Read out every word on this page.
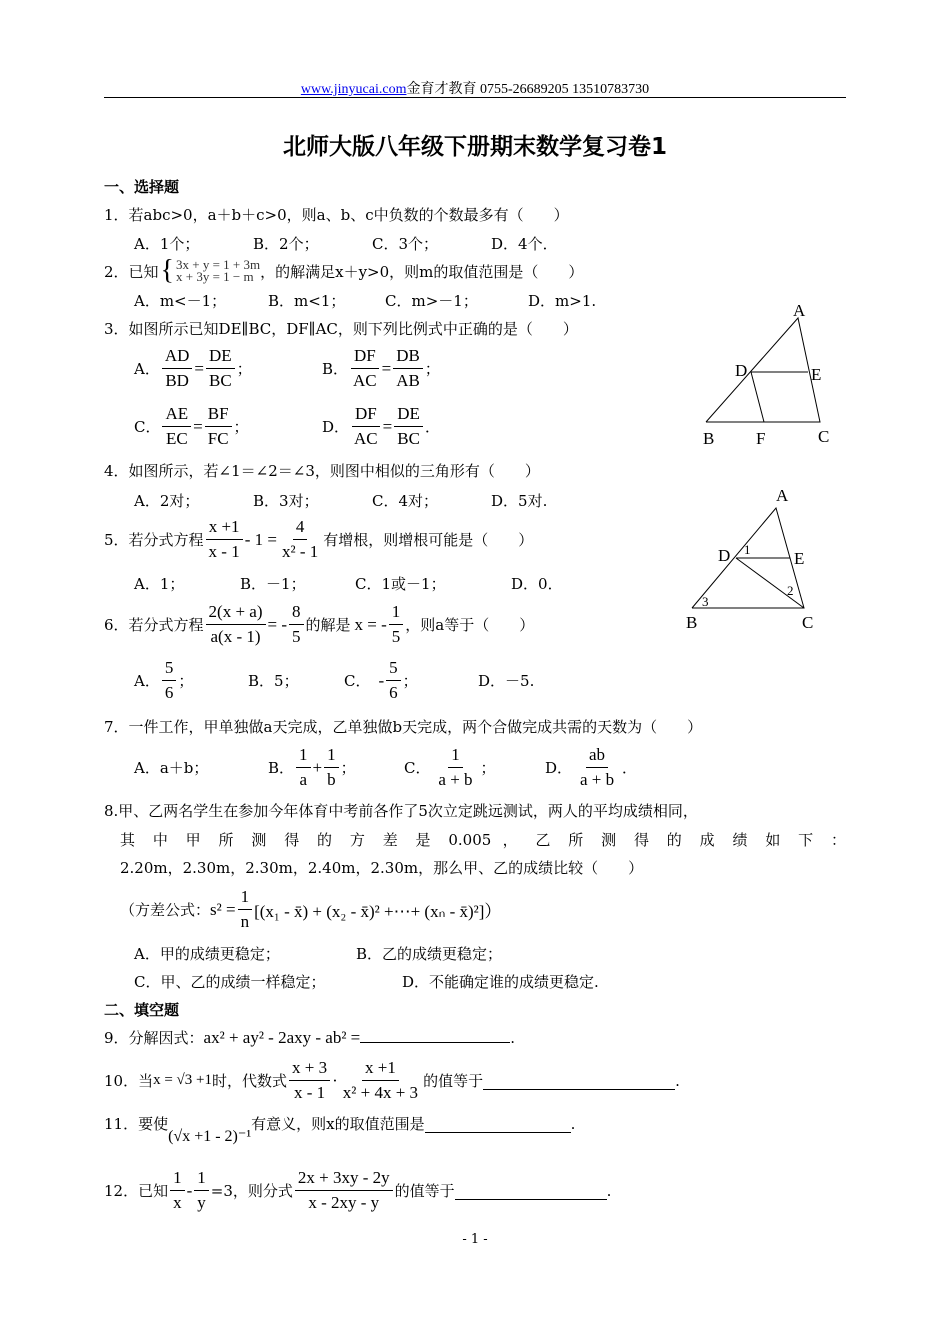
www.jinyucai.com金育才教育 0755-26689205 13510783730
北师大版八年级下册期末数学复习卷1
一、选择题
1．若abc>0，a＋b＋c>0，则a、b、c中负数的个数最多有（　　）
A．1个；	B．2个；	C．3个；	D．4个．
2．已知 { 3x + y = 1 + 3m
x + 3y = 1 − m ，的解满足x＋y>0，则m的取值范围是（　　）
A．m<－1；	B．m<1；	C．m>－1；	D．m>1.
3．如图所示已知DE∥BC，DF∥AC，则下列比例式中正确的是（　　）
A． $\frac{AD}{BD} = \frac{DE}{BC}$ ；	B． $\frac{DF}{AC} = \frac{DB}{AB}$ ；
C． $\frac{AE}{EC} = \frac{BF}{FC}$ ；	D． $\frac{DF}{AC} = \frac{DE}{BC}$ ．
A
D	E
B F	C
4．如图所示，若∠1＝∠2＝∠3，则图中相似的三角形有（　　）
A．2对；	B．3对；	C．4对；	D．5对.	A
D	E
B	C
1
2
3
5．若分式方程 $\frac{x +1}{x - 1} - 1 = \frac{4}{\text{x² - 1}}$ 有增根，则增根可能是（　　）
A．1；	B．－1；	C．1或－1；	D．0．
6．若分式方程 $\frac{2(x + a)}{a(x - 1)}$ = - $\frac{8}{5}$ 的解是 x = - $\frac{1}{5}$ ，则a等于（　　）
A． $\frac{5}{6}$ ；	B．5；	C． - $\frac{5}{6}$ ；	D．－5.
7．一件工作，甲单独做a天完成，乙单独做b天完成，两个合做完成共需的天数为（　　）
A．a＋b；	B． $\frac{1}{a} + \frac{1}{b}$ ；	C． $\frac{1}{a + b}$ ；	D． $\frac{ab}{a + b}$ ．
8.甲、乙两名学生在参加今年体育中考前各作了5次立定跳远测试，两人的平均成绩相同，
其 中 甲 所 测 得 的 方 差 是 0.005 ， 乙 所 测 得 的 成 绩 如 下 ：
2.20m，2.30m，2.30m，2.40m，2.30m，那么甲、乙的成绩比较（　　）
（方差公式： $s^2 = \frac{1}{n} [(x_1$ - x̄) + (x₂ - x̄)² +⋯+ (xₙ - x̄)²]）
A．甲的成绩更稳定；	B．乙的成绩更稳定；
C．甲、乙的成绩一样稳定；	D．不能确定谁的成绩更稳定.
二、填空题
9．分解因式： ax² + ay² - 2axy - ab² =	.
10．当 x = √3 +1 时，代数式 $\frac{x + 3}{x - 1} \cdot \frac{x +1}{\text{x² + 4x + 3}}$ 的值等于	.
11．要使
(√x +1 - 2)⁻¹
有意义，则x的取值范围是	.
12．已知 $\frac{1}{x} - \frac{1}{y} =3$，则分式 $\frac{2x + 3xy - 2y}{x - 2xy - y}$ 的值等于	.
- 1 -
